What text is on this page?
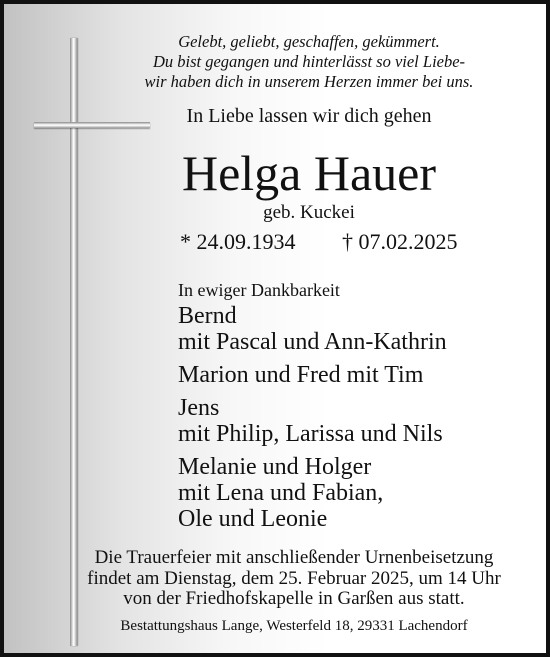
Gelebt, geliebt, geschaffen, gekümmert.
Du bist gegangen und hinterlässt so viel Liebe-
wir haben dich in unserem Herzen immer bei uns.
In Liebe lassen wir dich gehen
Helga Hauer
geb. Kuckei
* 24.09.1934 † 07.02.2025
In ewiger Dankbarkeit
Bernd
mit Pascal und Ann-Kathrin
Marion und Fred mit Tim
Jens
mit Philip, Larissa und Nils
Melanie und Holger
mit Lena und Fabian,
Ole und Leonie
Die Trauerfeier mit anschließender Urnenbeisetzung
findet am Dienstag, dem 25. Februar 2025, um 14 Uhr
von der Friedhofskapelle in Garßen aus statt.
Bestattungshaus Lange, Westerfeld 18, 29331 Lachendorf
